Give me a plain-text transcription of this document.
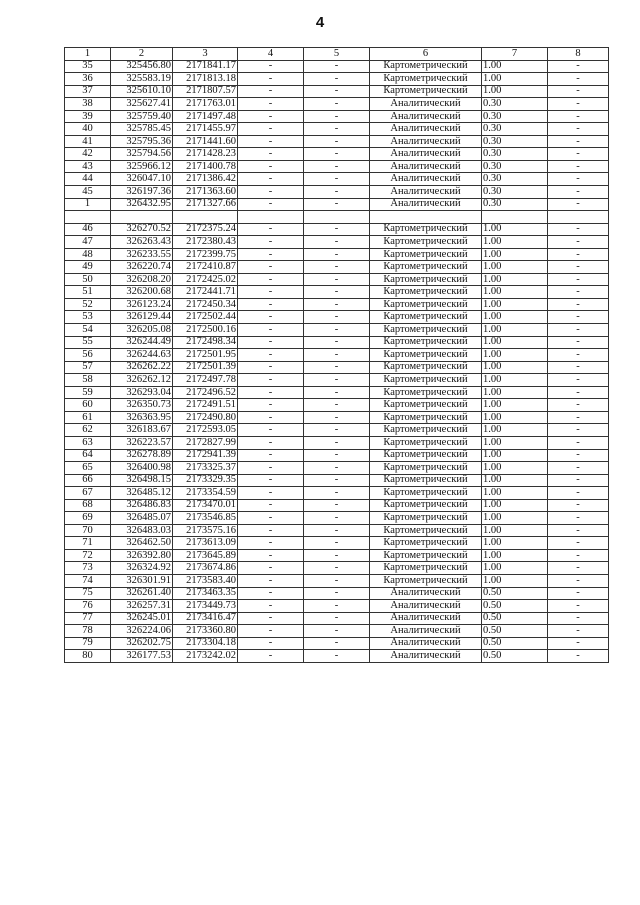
4
1	2	3	4	5	6	7	8
35	325456.80	2171841.17	-	-	Картометрический	1.00	-
36	325583.19	2171813.18	-	-	Картометрический	1.00	-
37	325610.10	2171807.57	-	-	Картометрический	1.00	-
38	325627.41	2171763.01	-	-	Аналитический	0.30	-
39	325759.40	2171497.48	-	-	Аналитический	0.30	-
40	325785.45	2171455.97	-	-	Аналитический	0.30	-
41	325795.36	2171441.60	-	-	Аналитический	0.30	-
42	325794.56	2171428.23	-	-	Аналитический	0.30	-
43	325966.12	2171400.78	-	-	Аналитический	0.30	-
44	326047.10	2171386.42	-	-	Аналитический	0.30	-
45	326197.36	2171363.60	-	-	Аналитический	0.30	-
1	326432.95	2171327.66	-	-	Аналитический	0.30	-

46	326270.52	2172375.24	-	-	Картометрический	1.00	-
47	326263.43	2172380.43	-	-	Картометрический	1.00	-
48	326233.55	2172399.75	-	-	Картометрический	1.00	-
49	326220.74	2172410.87	-	-	Картометрический	1.00	-
50	326208.20	2172425.02	-	-	Картометрический	1.00	-
51	326200.68	2172441.71	-	-	Картометрический	1.00	-
52	326123.24	2172450.34	-	-	Картометрический	1.00	-
53	326129.44	2172502.44	-	-	Картометрический	1.00	-
54	326205.08	2172500.16	-	-	Картометрический	1.00	-
55	326244.49	2172498.34	-	-	Картометрический	1.00	-
56	326244.63	2172501.95	-	-	Картометрический	1.00	-
57	326262.22	2172501.39	-	-	Картометрический	1.00	-
58	326262.12	2172497.78	-	-	Картометрический	1.00	-
59	326293.04	2172496.52	-	-	Картометрический	1.00	-
60	326350.73	2172491.51	-	-	Картометрический	1.00	-
61	326363.95	2172490.80	-	-	Картометрический	1.00	-
62	326183.67	2172593.05	-	-	Картометрический	1.00	-
63	326223.57	2172827.99	-	-	Картометрический	1.00	-
64	326278.89	2172941.39	-	-	Картометрический	1.00	-
65	326400.98	2173325.37	-	-	Картометрический	1.00	-
66	326498.15	2173329.35	-	-	Картометрический	1.00	-
67	326485.12	2173354.59	-	-	Картометрический	1.00	-
68	326486.83	2173470.01	-	-	Картометрический	1.00	-
69	326485.07	2173546.85	-	-	Картометрический	1.00	-
70	326483.03	2173575.16	-	-	Картометрический	1.00	-
71	326462.50	2173613.09	-	-	Картометрический	1.00	-
72	326392.80	2173645.89	-	-	Картометрический	1.00	-
73	326324.92	2173674.86	-	-	Картометрический	1.00	-
74	326301.91	2173583.40	-	-	Картометрический	1.00	-
75	326261.40	2173463.35	-	-	Аналитический	0.50	-
76	326257.31	2173449.73	-	-	Аналитический	0.50	-
77	326245.01	2173416.47	-	-	Аналитический	0.50	-
78	326224.06	2173360.80	-	-	Аналитический	0.50	-
79	326202.75	2173304.18	-	-	Аналитический	0.50	-
80	326177.53	2173242.02	-	-	Аналитический	0.50	-
